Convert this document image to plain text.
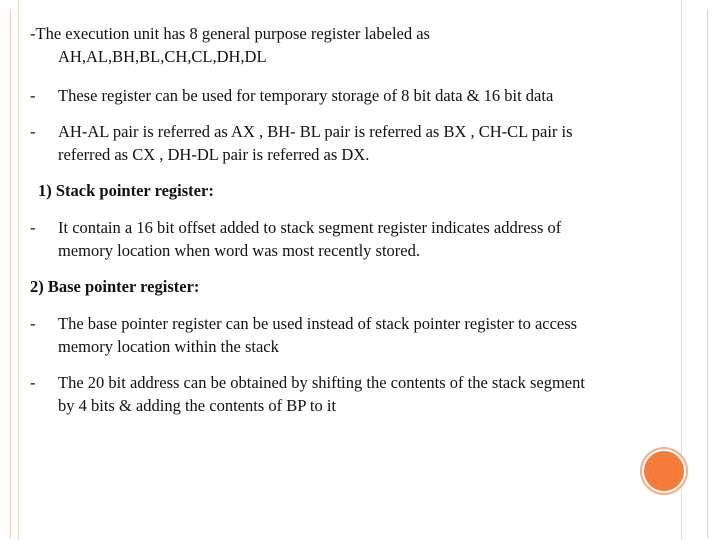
-The execution unit has 8 general purpose register labeled as
AH,AL,BH,BL,CH,CL,DH,DL
-	These register can be used for temporary storage of 8 bit data & 16 bit data
-	AH-AL pair is referred as AX , BH- BL pair is referred as BX , CH-CL pair is
referred as CX , DH-DL pair is referred as DX.
1) Stack pointer register:
-	It contain a 16 bit offset added to stack segment register indicates address of
memory location when word was most recently stored.
2) Base pointer register:
-	The base pointer register can be used instead of stack pointer register to access
memory location within the stack
-	The 20 bit address can be obtained by shifting the contents of the stack segment
by 4 bits & adding the contents of BP to it
